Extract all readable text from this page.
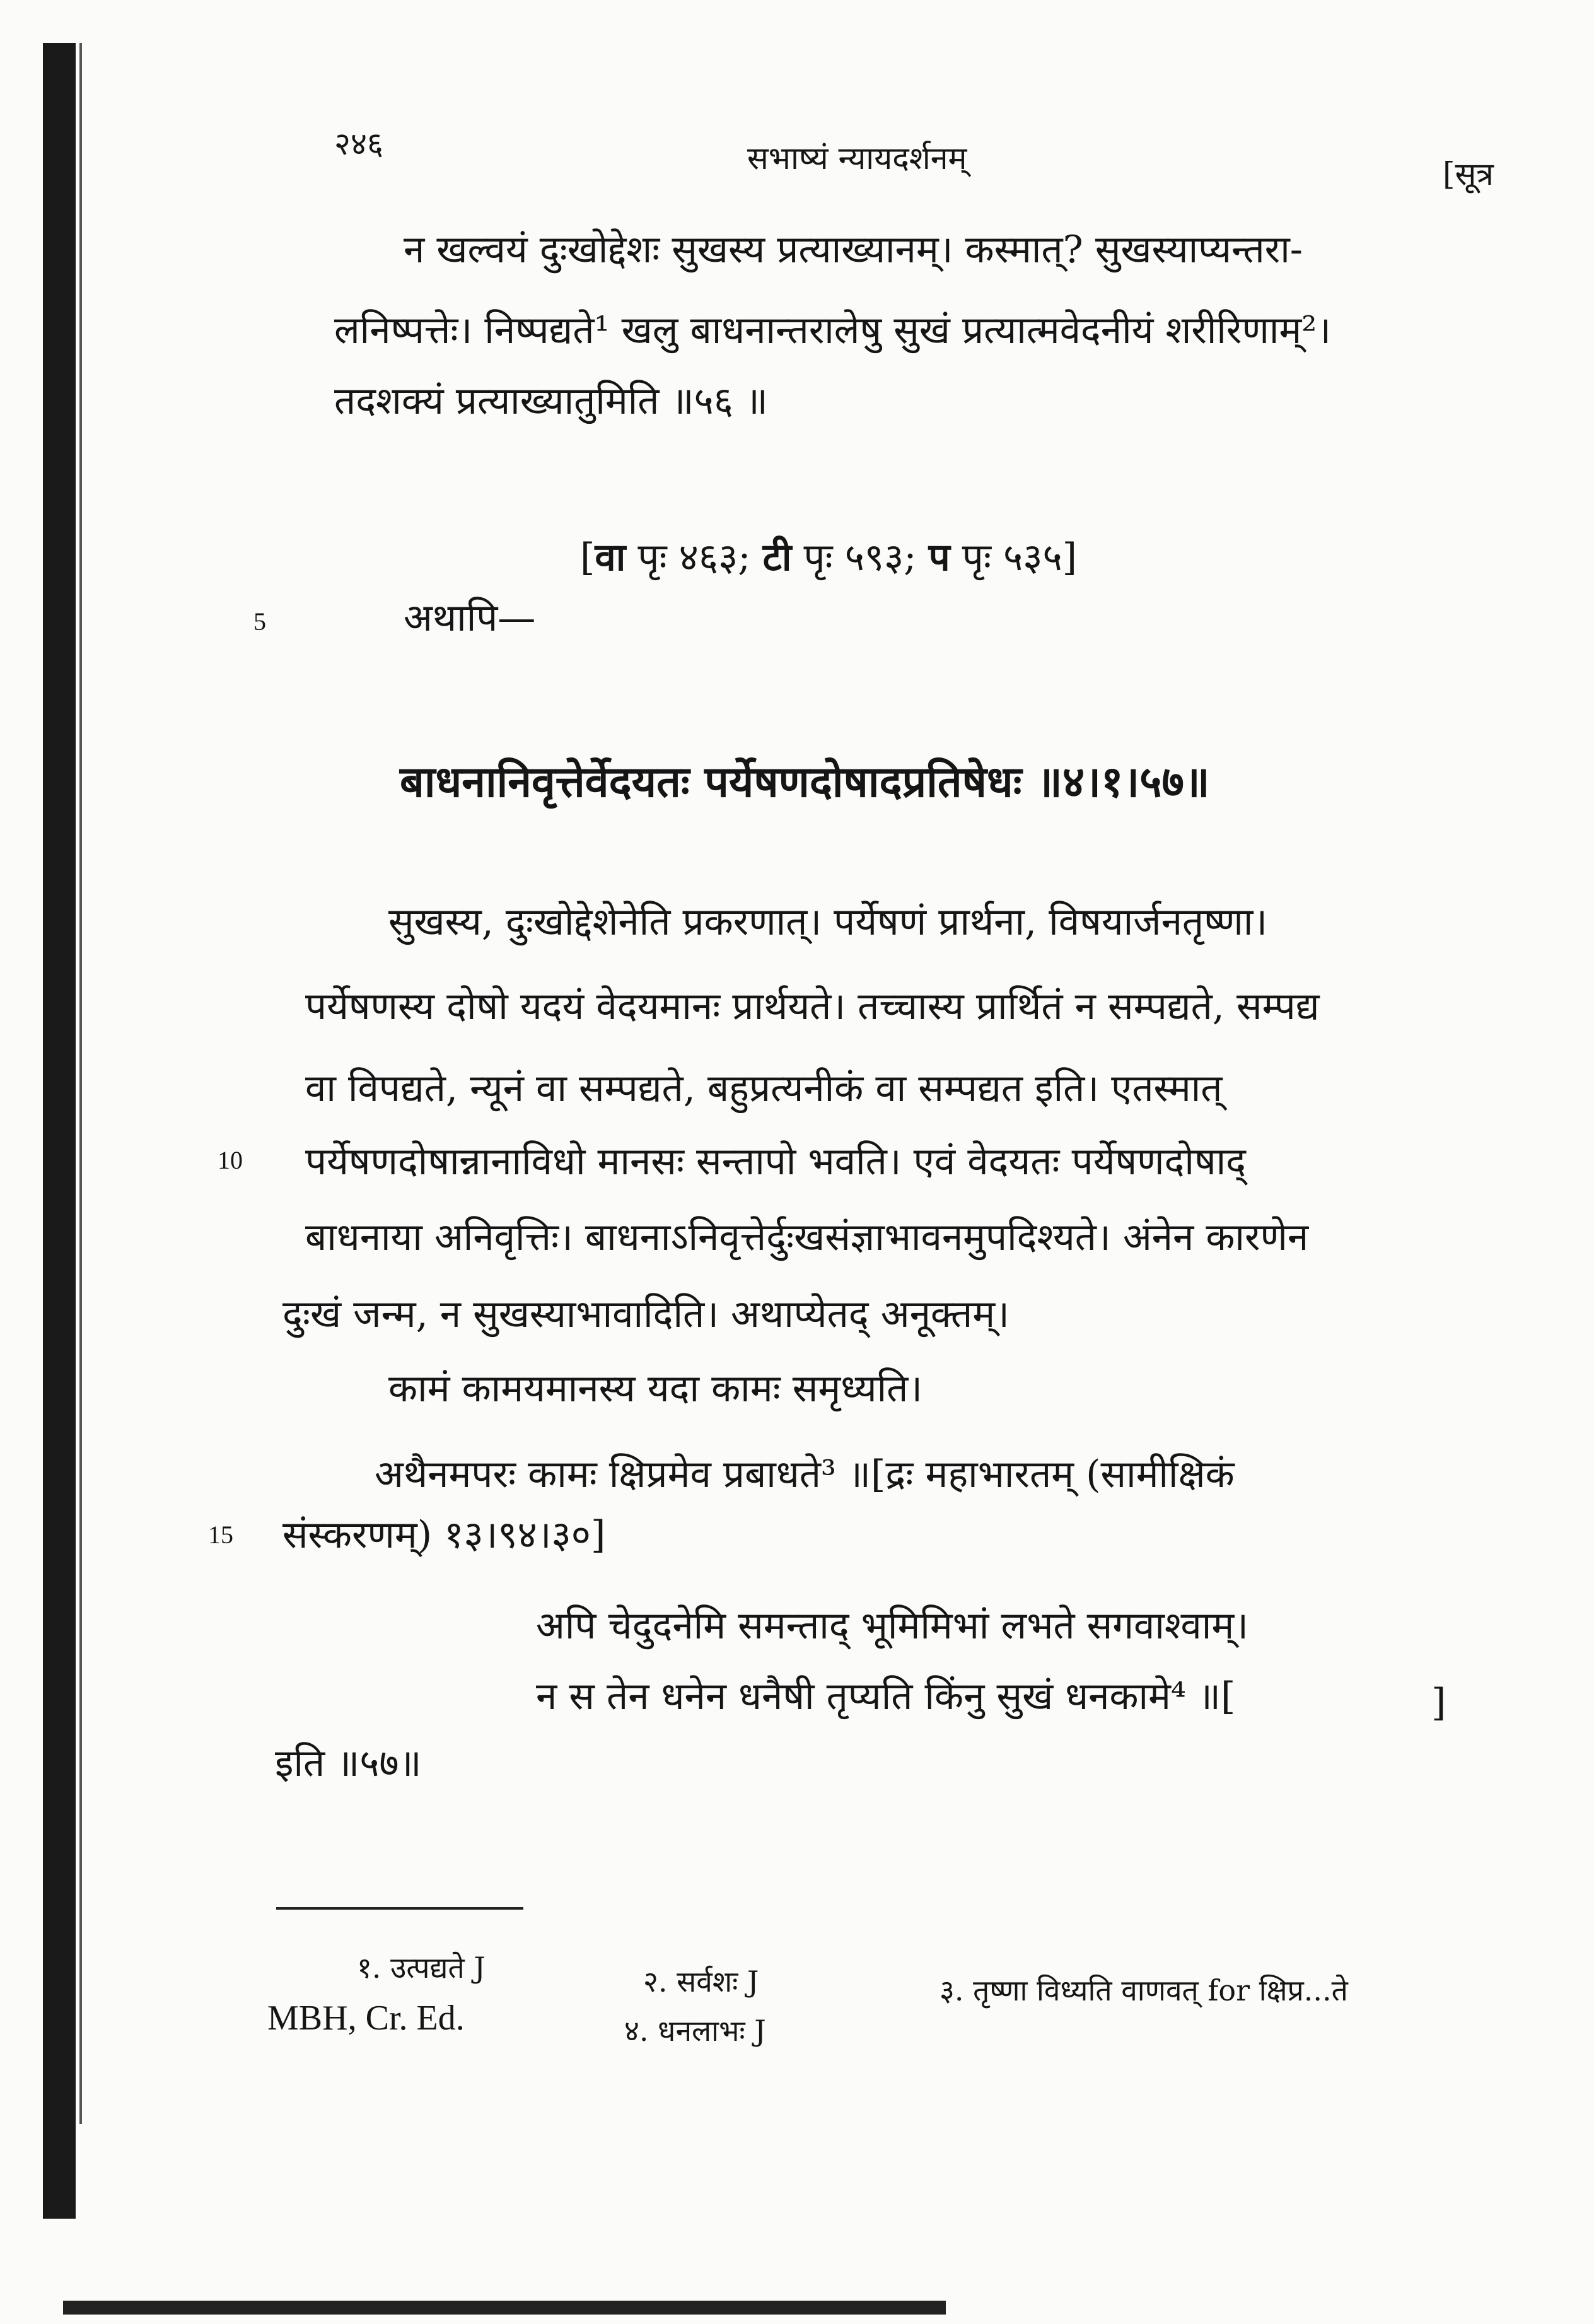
२४६	सभाष्यं न्यायदर्शनम्	[सूत्र
न खल्वयं दुःखोद्देशः सुखस्य प्रत्याख्यानम्। कस्मात्? सुखस्याप्यन्तरा-
लनिष्पत्तेः। निष्पद्यते¹ खलु बाधनान्तरालेषु सुखं प्रत्यात्मवेदनीयं शरीरिणाम्²।
तदशक्यं प्रत्याख्यातुमिति ॥५६ ॥
[वा पृः ४६३; टी पृः ५९३; प पृः ५३५]
5	अथापि—
बाधनानिवृत्तेर्वेदयतः पर्येषणदोषादप्रतिषेधः ॥४।१।५७॥
सुखस्य, दुःखोद्देशेनेति प्रकरणात्। पर्येषणं प्रार्थना, विषयार्जनतृष्णा।
पर्येषणस्य दोषो यदयं वेदयमानः प्रार्थयते। तच्चास्य प्रार्थितं न सम्पद्यते, सम्पद्य
वा विपद्यते, न्यूनं वा सम्पद्यते, बहुप्रत्यनीकं वा सम्पद्यत इति। एतस्मात्
10 पर्येषणदोषान्नानाविधो मानसः सन्तापो भवति। एवं वेदयतः पर्येषणदोषाद्
बाधनाया अनिवृत्तिः। बाधनाऽनिवृत्तेर्दुःखसंज्ञाभावनमुपदिश्यते। अंनेन कारणेन
दुःखं जन्म, न सुखस्याभावादिति। अथाप्येतद् अनूक्तम्।
कामं कामयमानस्य यदा कामः समृध्यति।
अथैनमपरः कामः क्षिप्रमेव प्रबाधते³ ॥[द्रः महाभारतम् (सामीक्षिकं
15 संस्करणम्) १३।९४।३०]
अपि चेदुदनेमि समन्ताद् भूमिमिभां लभते सगवाश्वाम्।
न स तेन धनेन धनैषी तृप्यति किंनु सुखं धनकामे⁴ ॥[	]
इति ॥५७॥
१. उत्पद्यते J	२. सर्वशः J	३. तृष्णा विध्यति वाणवत् for क्षिप्र...ते
MBH, Cr. Ed.	४. धनलाभः J
